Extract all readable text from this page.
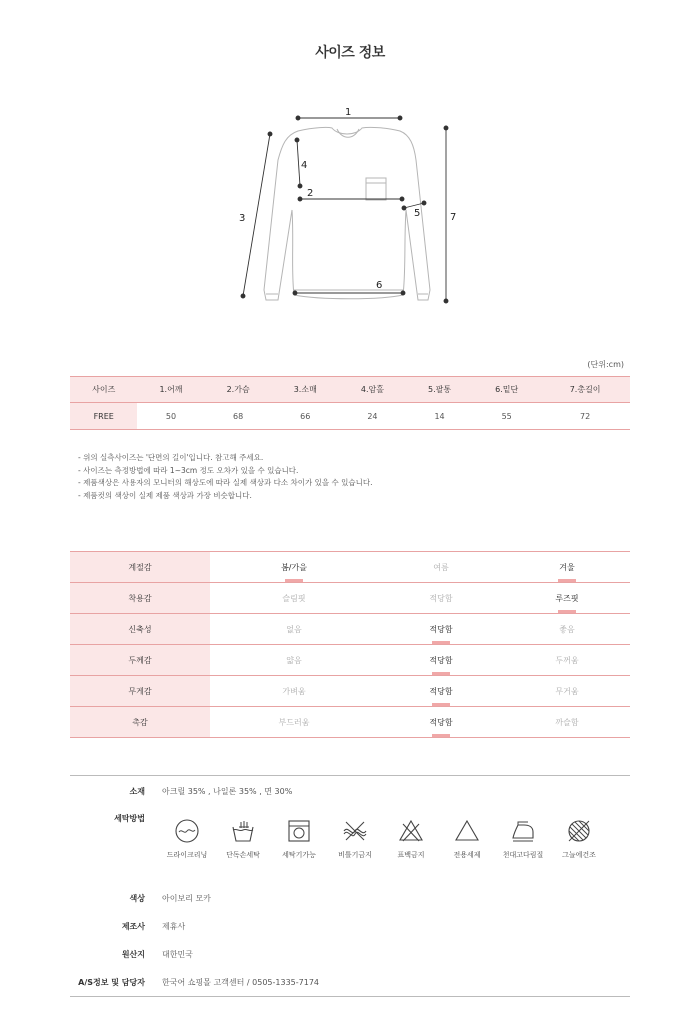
사이즈 정보
1
2
3
4
5
6
7
(단위:cm)
사이즈	1.어깨	2.가슴	3.소매	4.암홀	5.팔통	6.밑단	7.총길이
FREE	50	68	66	24	14	55	72
- 위의 실측사이즈는 '단면의 길이'입니다. 참고해 주세요.
- 사이즈는 측정방법에 따라 1~3cm 정도 오차가 있을 수 있습니다.
- 제품색상은 사용자의 모니터의 해상도에 따라 실제 색상과 다소 차이가 있을 수 있습니다.
- 제품컷의 색상이 실제 제품 색상과 가장 비슷합니다.
계절감	봄/가을	여름	겨울
착용감	슬림핏	적당함	루즈핏
신축성	없음	적당함	좋음
두께감	얇음	적당함	두꺼움
무게감	가벼움	적당함	무거움
촉감	부드러움	적당함	까슬함
소재 아크릴 35% , 나일론 35% , 면 30%
세탁방법
드라이크리닝	단독손세탁	세탁기가능	비틀기금지	표백금지	전용세제	천대고다림질	그늘에건조
색상 아이보리 모카
제조사 제휴사
원산지 대한민국
A/S정보 및 담당자 한국어 쇼핑몰 고객센터 / 0505-1335-7174
